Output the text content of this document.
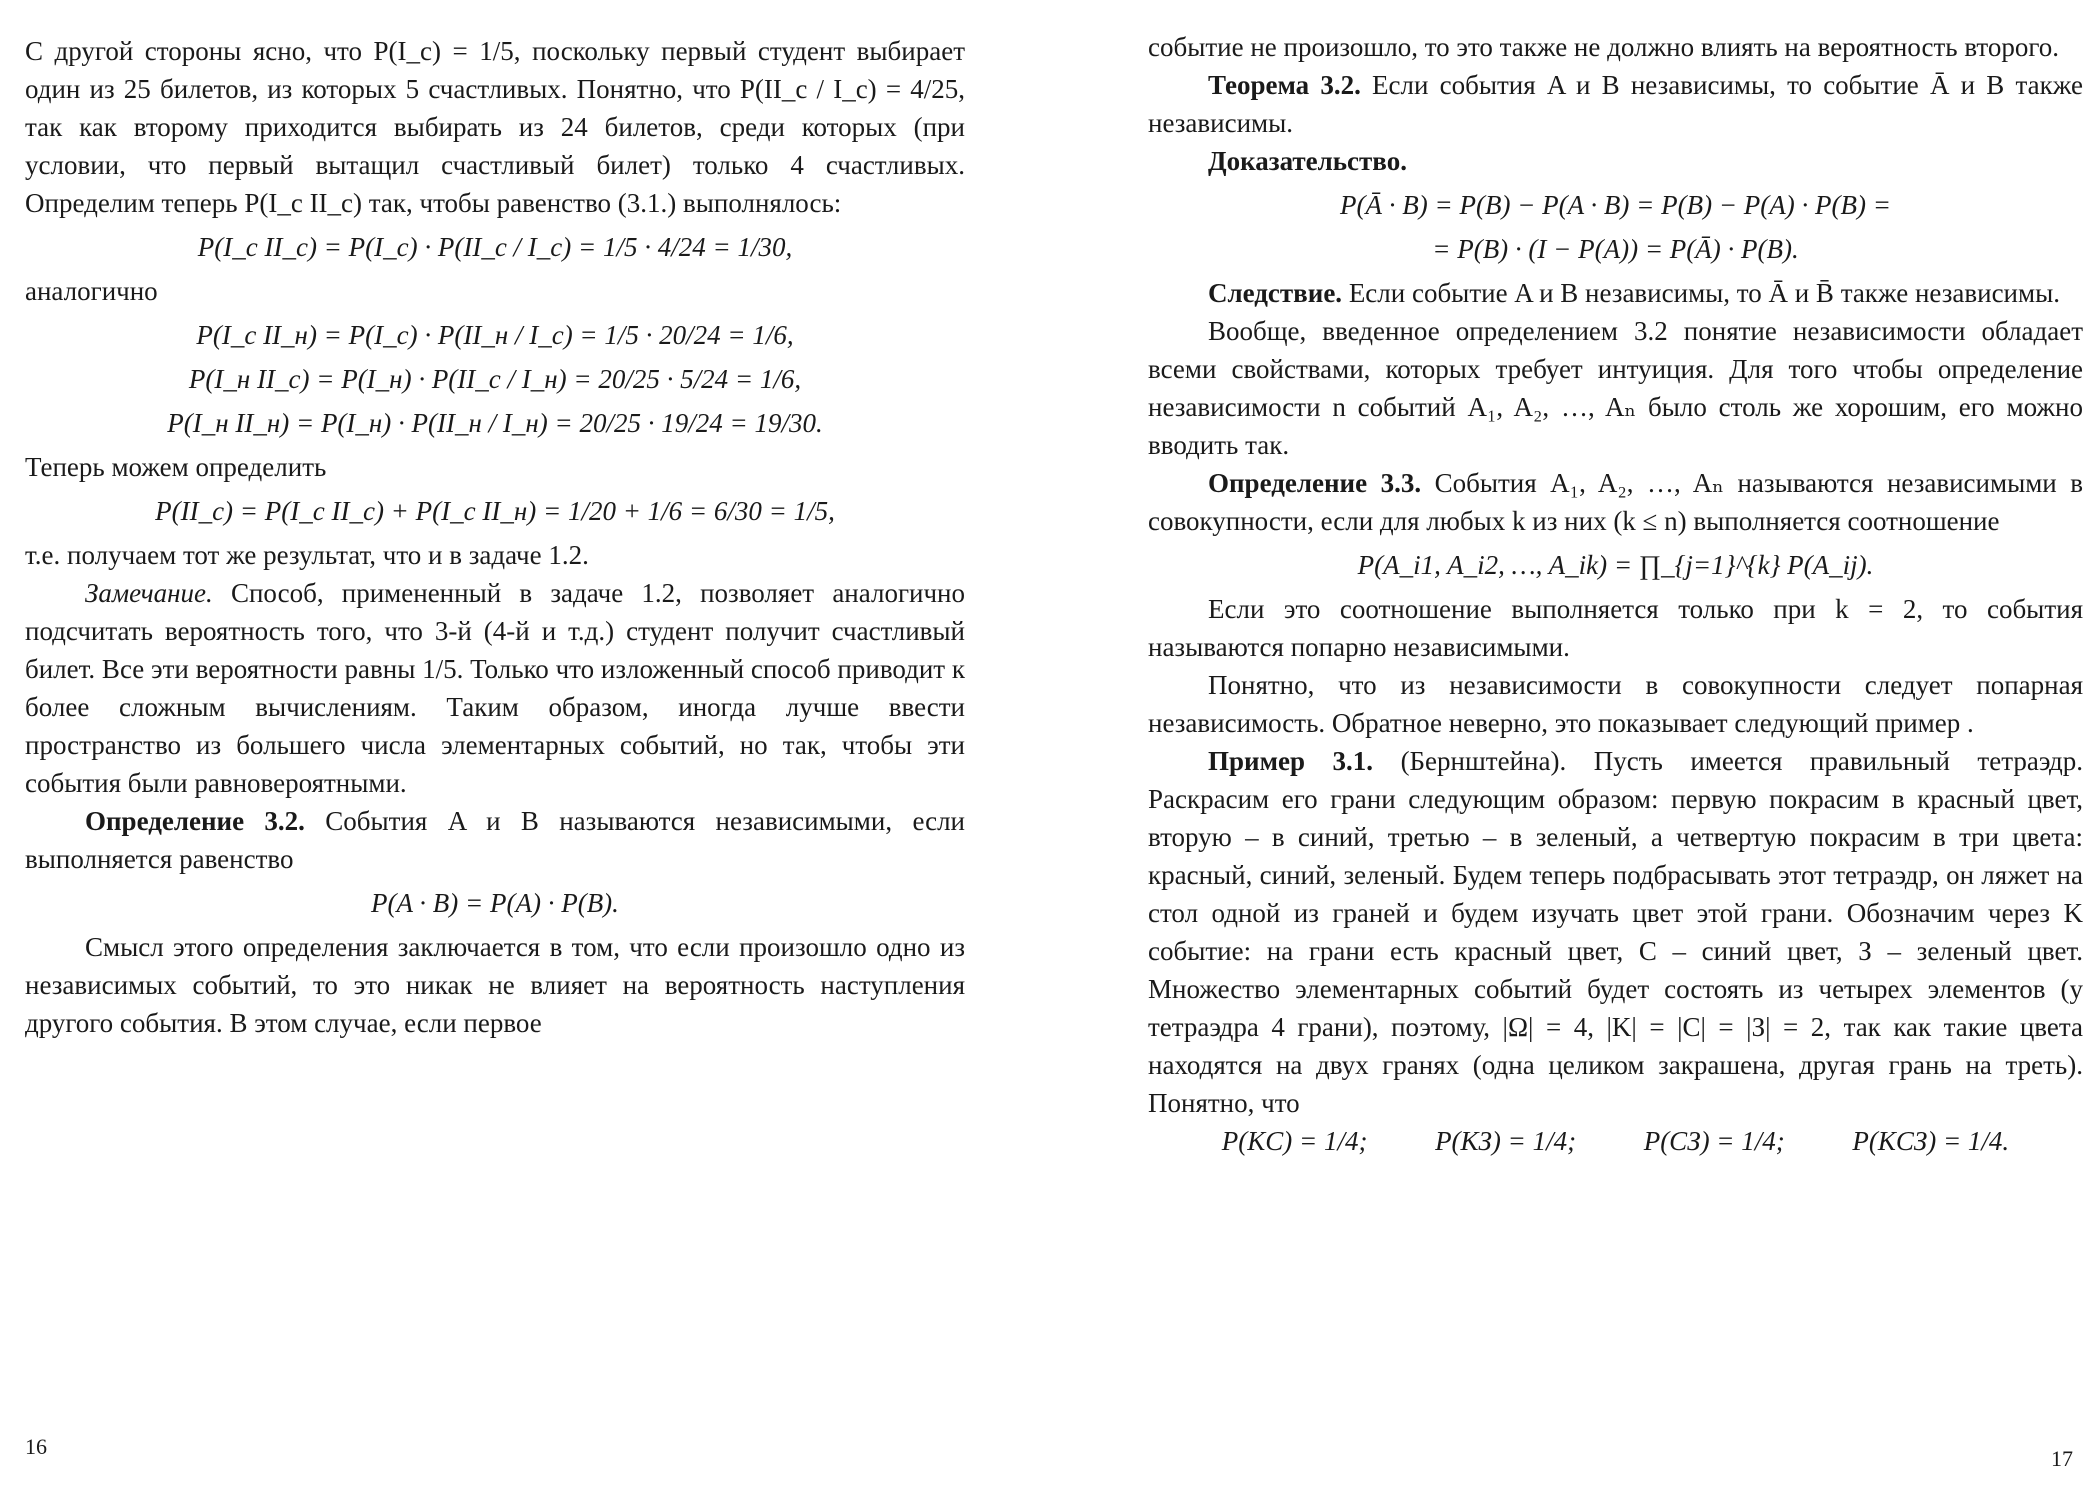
С другой стороны ясно, что P(I_c) = 1/5, поскольку первый студент выбирает один из 25 билетов, из которых 5 счастливых. Понятно, что P(II_c / I_c) = 4/25, так как второму приходится выбирать из 24 билетов, среди которых (при условии, что первый вытащил счастливый билет) только 4 счастливых. Определим теперь P(I_c II_c) так, чтобы равенство (3.1.) выполнялось:

P(I_c II_c) = P(I_c) · P(II_c / I_c) = 1/5 · 4/24 = 1/30,

аналогично

P(I_c II_н) = P(I_c) · P(II_н / I_c) = 1/5 · 20/24 = 1/6,

P(I_н II_c) = P(I_н) · P(II_c / I_н) = 20/25 · 5/24 = 1/6,

P(I_н II_н) = P(I_н) · P(II_н / I_н) = 20/25 · 19/24 = 19/30.

Теперь можем определить

P(II_c) = P(I_c II_c) + P(I_c II_н) = 1/20 + 1/6 = 6/30 = 1/5,

т.е. получаем тот же результат, что и в задаче 1.2.

Замечание. Способ, примененный в задаче 1.2, позволяет аналогично подсчитать вероятность того, что 3-й (4-й и т.д.) студент получит счастливый билет. Все эти вероятности равны 1/5. Только что изложенный способ приводит к более сложным вычислениям. Таким образом, иногда лучше ввести пространство из большего числа элементарных событий, но так, чтобы эти события были равновероятными.

Определение 3.2. События A и B называются независимыми, если выполняется равенство

P(A · B) = P(A) · P(B).

Смысл этого определения заключается в том, что если произошло одно из независимых событий, то это никак не влияет на вероятность наступления другого события. В этом случае, если первое

16

событие не произошло, то это также не должно влиять на вероятность второго.

Теорема 3.2. Если события A и B независимы, то событие Ā и B также независимы.

Доказательство.

P(Ā · B) = P(B) − P(A · B) = P(B) − P(A) · P(B) =

= P(B) · (I − P(A)) = P(Ā) · P(B).

Следствие. Если событие A и B независимы, то Ā и B̄ также независимы.

Вообще, введенное определением 3.2 понятие независимости обладает всеми свойствами, которых требует интуиция. Для того чтобы определение независимости n событий A₁, A₂, …, Aₙ было столь же хорошим, его можно вводить так.

Определение 3.3. События A₁, A₂, …, Aₙ называются независимыми в совокупности, если для любых k из них (k ≤ n) выполняется соотношение

P(A_i1, A_i2, …, A_ik) = ∏_{j=1}^{k} P(A_ij).

Если это соотношение выполняется только при k = 2, то события называются попарно независимыми.

Понятно, что из независимости в совокупности следует попарная независимость. Обратное неверно, это показывает следующий пример .

Пример 3.1. (Бернштейна). Пусть имеется правильный тетраэдр. Раскрасим его грани следующим образом: первую покрасим в красный цвет, вторую – в синий, третью – в зеленый, а четвертую покрасим в три цвета: красный, синий, зеленый. Будем теперь подбрасывать этот тетраэдр, он ляжет на стол одной из граней и будем изучать цвет этой грани. Обозначим через K событие: на грани есть красный цвет, C – синий цвет, З – зеленый цвет. Множество элементарных событий будет состоять из четырех элементов (у тетраэдра 4 грани), поэтому, |Ω| = 4, |K| = |C| = |З| = 2, так как такие цвета находятся на двух гранях (одна целиком закрашена, другая грань на треть). Понятно, что

P(KC) = 1/4;	P(KЗ) = 1/4;	P(CЗ) = 1/4;	P(KCЗ) = 1/4.
17
